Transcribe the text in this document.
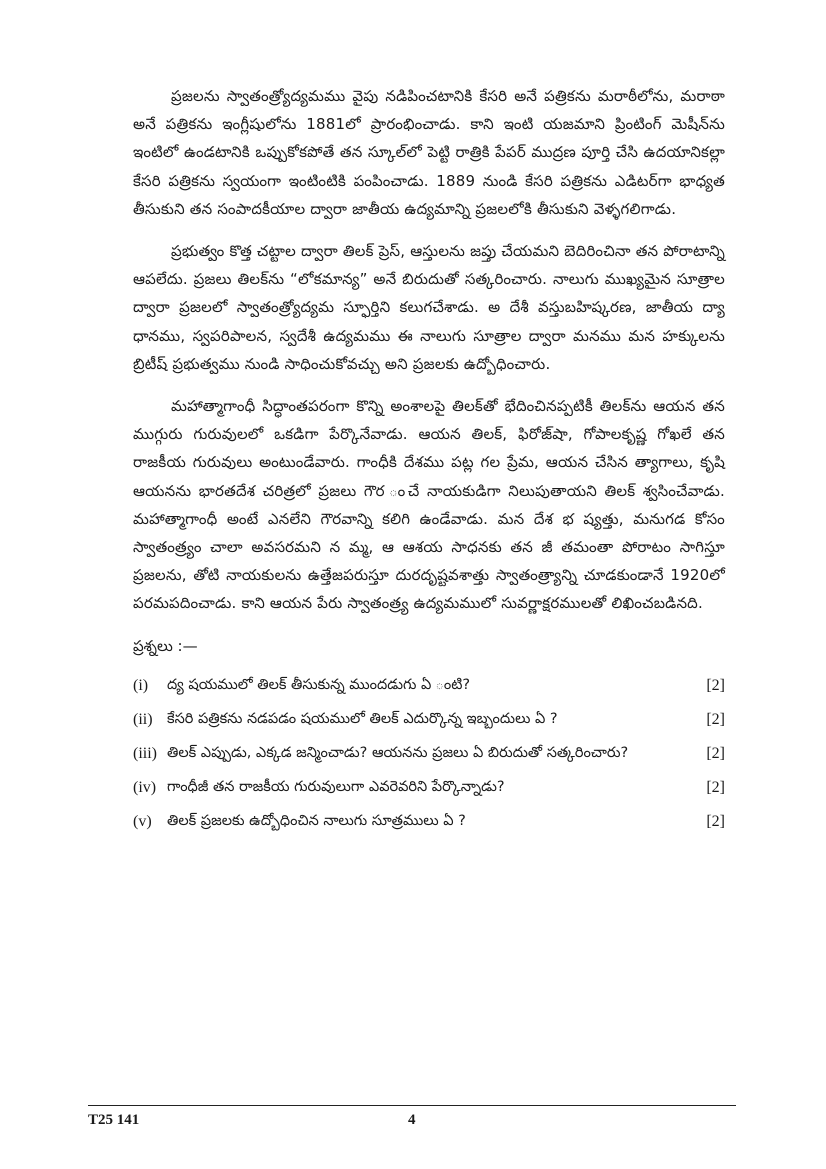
ప్రజలను స్వాతంత్ర్యోద్యమము వైపు నడిపించటానికి కేసరి అనే పత్రికను మరాఠీలోను, మరాఠా అనే పత్రికను ఇంగ్లీషులోను 1881లో ప్రారంభించాడు. కాని ఇంటి యజమాని ప్రింటింగ్ మెషీన్‌ను ఇంటిలో ఉండటానికి ఒప్పుకోకపోతే తన స్కూల్‌లో పెట్టి రాత్రికి పేపర్ ముద్రణ పూర్తి చేసి ఉదయానికల్లా కేసరి పత్రికను స్వయంగా ఇంటింటికి పంపించాడు. 1889 నుండి కేసరి పత్రికను ఎడిటర్‌గా భాధ్యత తీసుకుని తన సంపాదకీయాల ద్వారా జాతీయ ఉద్యమాన్ని ప్రజలలోకి తీసుకుని వెళ్ళగలిగాడు.

ప్రభుత్వం కొత్త చట్టాల ద్వారా తిలక్ ప్రెస్, ఆస్తులను జప్తు చేయమని బెదిరించినా తన పోరాటాన్ని ఆపలేదు. ప్రజలు తిలక్‌ను “లోకమాన్య” అనే బిరుదుతో సత్కరించారు. నాలుగు ముఖ్యమైన సూత్రాల ద్వారా ప్రజలలో స్వాతంత్ర్యోద్యమ స్ఫూర్తిని కలుగచేశాడు. అ దేశీ వస్తుబహిష్కరణ, జాతీయ ద్యా ధానము, స్వపరిపాలన, స్వదేశీ ఉద్యమము ఈ నాలుగు సూత్రాల ద్వారా మనము మన హక్కులను బ్రిటీష్ ప్రభుత్వము నుండి సాధించుకోవచ్చు అని ప్రజలకు ఉద్బోధించారు.

మహాత్మాగాంధీ సిద్ధాంతపరంగా కొన్ని అంశాలపై తిలక్‌తో భేదించినప్పటికీ తిలక్‌ను ఆయన తన ముగ్గురు గురువులలో ఒకడిగా పేర్కొనేవాడు. ఆయన తిలక్, ఫిరోజ్‌షా, గోపాలకృష్ణ గోఖలే తన రాజకీయ గురువులు అంటుండేవారు. గాంధీకి దేశము పట్ల గల ప్రేమ, ఆయన చేసిన త్యాగాలు, కృషి ఆయనను భారతదేశ చరిత్రలో ప్రజలు గౌర ంచే నాయకుడిగా నిలుపుతాయని తిలక్ శ్వసించేవాడు. మహాత్మాగాంధీ అంటే ఎనలేని గౌరవాన్ని కలిగి ఉండేవాడు. మన దేశ భ ష్యత్తు, మనుగడ కోసం స్వాతంత్ర్యం చాలా అవసరమని న మ్మ, ఆ ఆశయ సాధనకు తన జీ తమంతా పోరాటం సాగిస్తూ ప్రజలను, తోటి నాయకులను ఉత్తేజపరుస్తూ దురదృష్టవశాత్తు స్వాతంత్ర్యాన్ని చూడకుండానే 1920లో పరమపదించాడు. కాని ఆయన పేరు స్వాతంత్ర్య ఉద్యమములో సువర్ణాక్షరములతో లిఖించబడినది.

ప్రశ్నలు :—
(i)	ద్య షయములో తిలక్ తీసుకున్న ముందడుగు ఏ ంటి?	[2]
(ii) కేసరి పత్రికను నడపడం షయములో తిలక్ ఎదుర్కొన్న ఇబ్బందులు ఏ ?	[2]
(iii) తిలక్ ఎప్పుడు, ఎక్కడ జన్మించాడు? ఆయనను ప్రజలు ఏ బిరుదుతో సత్కరించారు?	[2]
(iv) గాంధీజీ తన రాజకీయ గురువులుగా ఎవరెవరిని పేర్కొన్నాడు?	[2]
(v)	తిలక్ ప్రజలకు ఉద్బోధించిన నాలుగు సూత్రములు ఏ ?	[2]
T25 141	4
